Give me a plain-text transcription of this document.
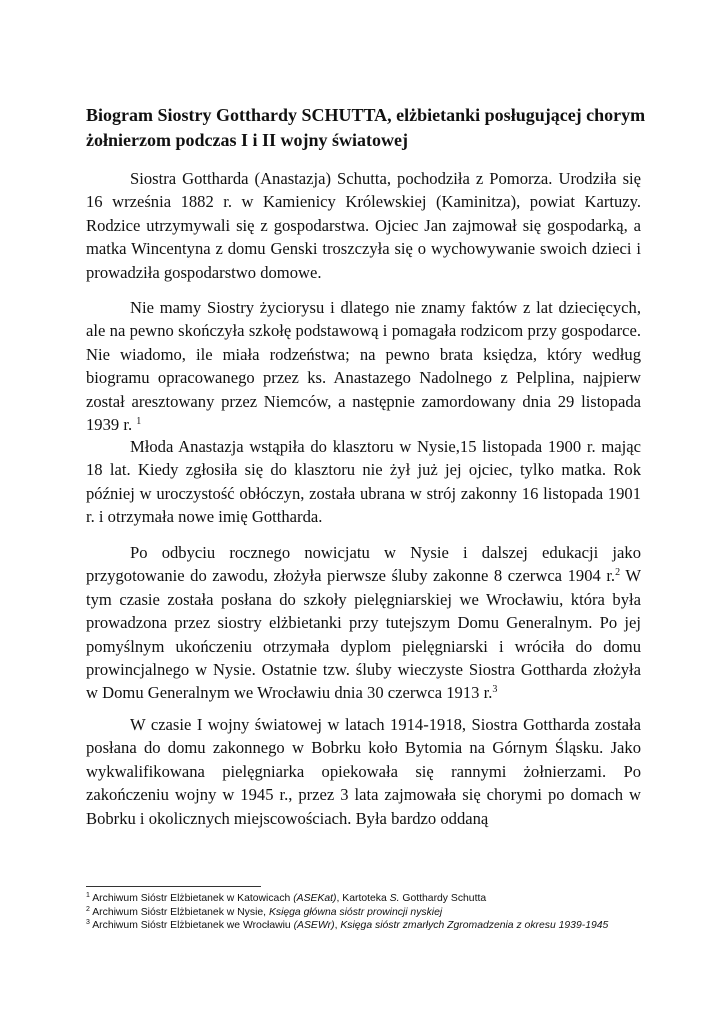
Biogram Siostry Gotthardy SCHUTTA, elżbietanki posługującej chorym żołnierzom podczas I i II wojny światowej

Siostra Gottharda (Anastazja) Schutta, pochodziła z Pomorza. Urodziła się 16 września 1882 r. w Kamienicy Królewskiej (Kaminitza), powiat Kartuzy. Rodzice utrzymywali się z gospodarstwa. Ojciec Jan zajmował się gospodarką, a matka Wincentyna z domu Genski troszczyła się o wychowywanie swoich dzieci i prowadziła gospodarstwo domowe.

Nie mamy Siostry życiorysu i dlatego nie znamy faktów z lat dziecięcych, ale na pewno skończyła szkołę podstawową i pomagała rodzicom przy gospodarce. Nie wiadomo, ile miała rodzeństwa; na pewno brata księdza, który według biogramu opracowanego przez ks. Anastazego Nadolnego z Pelplina, najpierw został aresztowany przez Niemców, a następnie zamordowany dnia 29 listopada 1939 r. $^1$

Młoda Anastazja wstąpiła do klasztoru w Nysie,15 listopada 1900 r. mając 18 lat. Kiedy zgłosiła się do klasztoru nie żył już jej ojciec, tylko matka. Rok później w uroczystość obłóczyn, została ubrana w strój zakonny 16 listopada 1901 r. i otrzymała nowe imię Gottharda.

Po odbyciu rocznego nowicjatu w Nysie i dalszej edukacji jako przygotowanie do zawodu, złożyła pierwsze śluby zakonne 8 czerwca 1904 r.$^2$ W tym czasie została posłana do szkoły pielęgniarskiej we Wrocławiu, która była prowadzona przez siostry elżbietanki przy tutejszym Domu Generalnym. Po jej pomyślnym ukończeniu otrzymała dyplom pielęgniarski i wróciła do domu prowincjalnego w Nysie. Ostatnie tzw. śluby wieczyste Siostra Gottharda złożyła w Domu Generalnym we Wrocławiu dnia 30 czerwca 1913 r.$^3$

W czasie I wojny światowej w latach 1914-1918, Siostra Gottharda została posłana do domu zakonnego w Bobrku koło Bytomia na Górnym Śląsku. Jako wykwalifikowana pielęgniarka opiekowała się rannymi żołnierzami. Po zakończeniu wojny w 1945 r., przez 3 lata zajmowała się chorymi po domach w Bobrku i okolicznych miejscowościach. Była bardzo oddaną

$^1$ Archiwum Sióstr Elżbietanek w Katowicach (ASEKat), Kartoteka S. Gotthardy Schutta
$^2$ Archiwum Sióstr Elżbietanek w Nysie, Księga główna sióstr prowincji nyskiej
$^3$ Archiwum Sióstr Elżbietanek we Wrocławiu (ASEWr), Księga sióstr zmarłych Zgromadzenia z okresu 1939-1945
